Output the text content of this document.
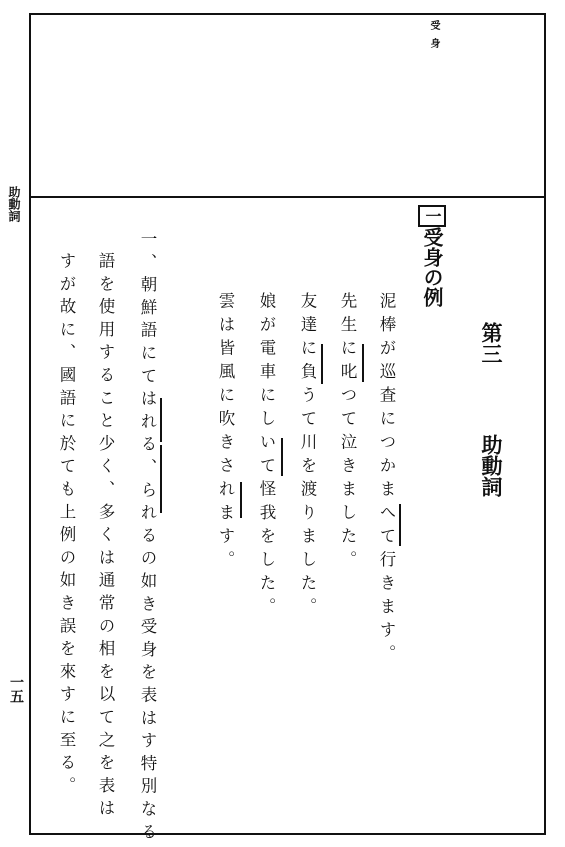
受身
助動詞
一五
第三助動詞
一受身の例
泥棒が巡査につかまへて行きます。
先生に叱つて泣きました。
友達に負うて川を渡りました。
娘が電車にしいて怪我をした。
雲は皆風に吹きされます。
一、朝鮮語にてはれる、られるの如き受身を表はす特別なる
語を使用すること少く、多くは通常の相を以て之を表は
すが故に、國語に於ても上例の如き誤を來すに至る。
